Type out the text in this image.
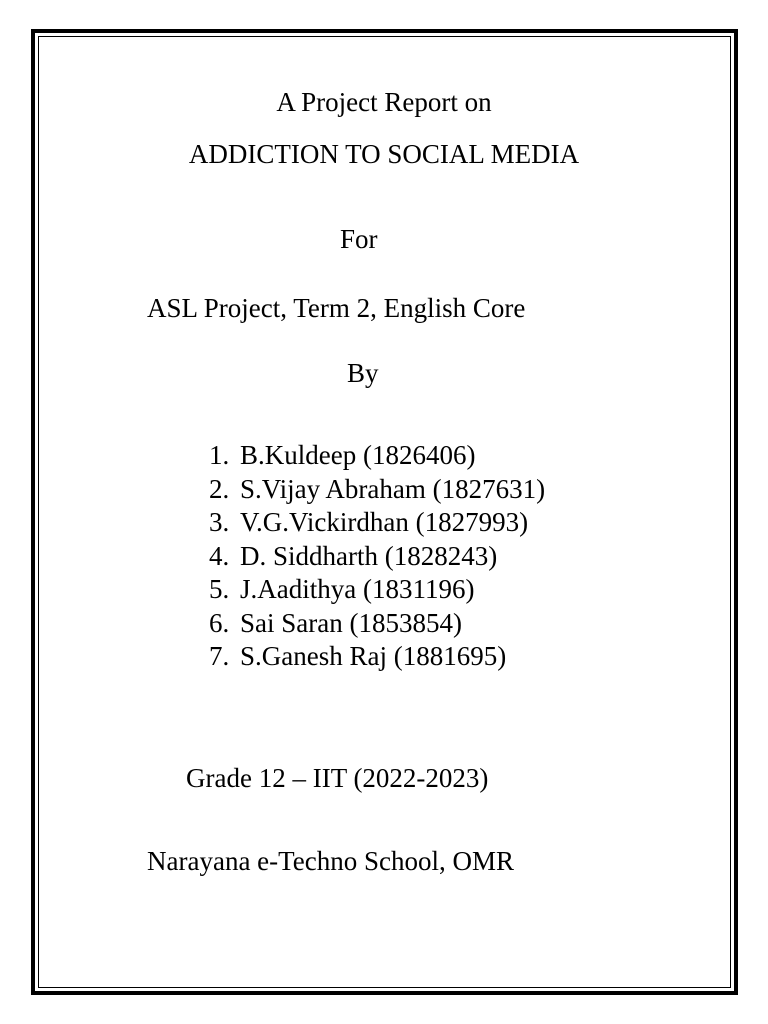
A Project Report on
ADDICTION TO SOCIAL MEDIA
For
ASL Project, Term 2, English Core
By
1. B.Kuldeep (1826406)
2. S.Vijay Abraham (1827631)
3. V.G.Vickirdhan (1827993)
4. D. Siddharth (1828243)
5. J.Aadithya (1831196)
6. Sai Saran (1853854)
7. S.Ganesh Raj (1881695)
Grade 12 – IIT (2022-2023)
Narayana e-Techno School, OMR
